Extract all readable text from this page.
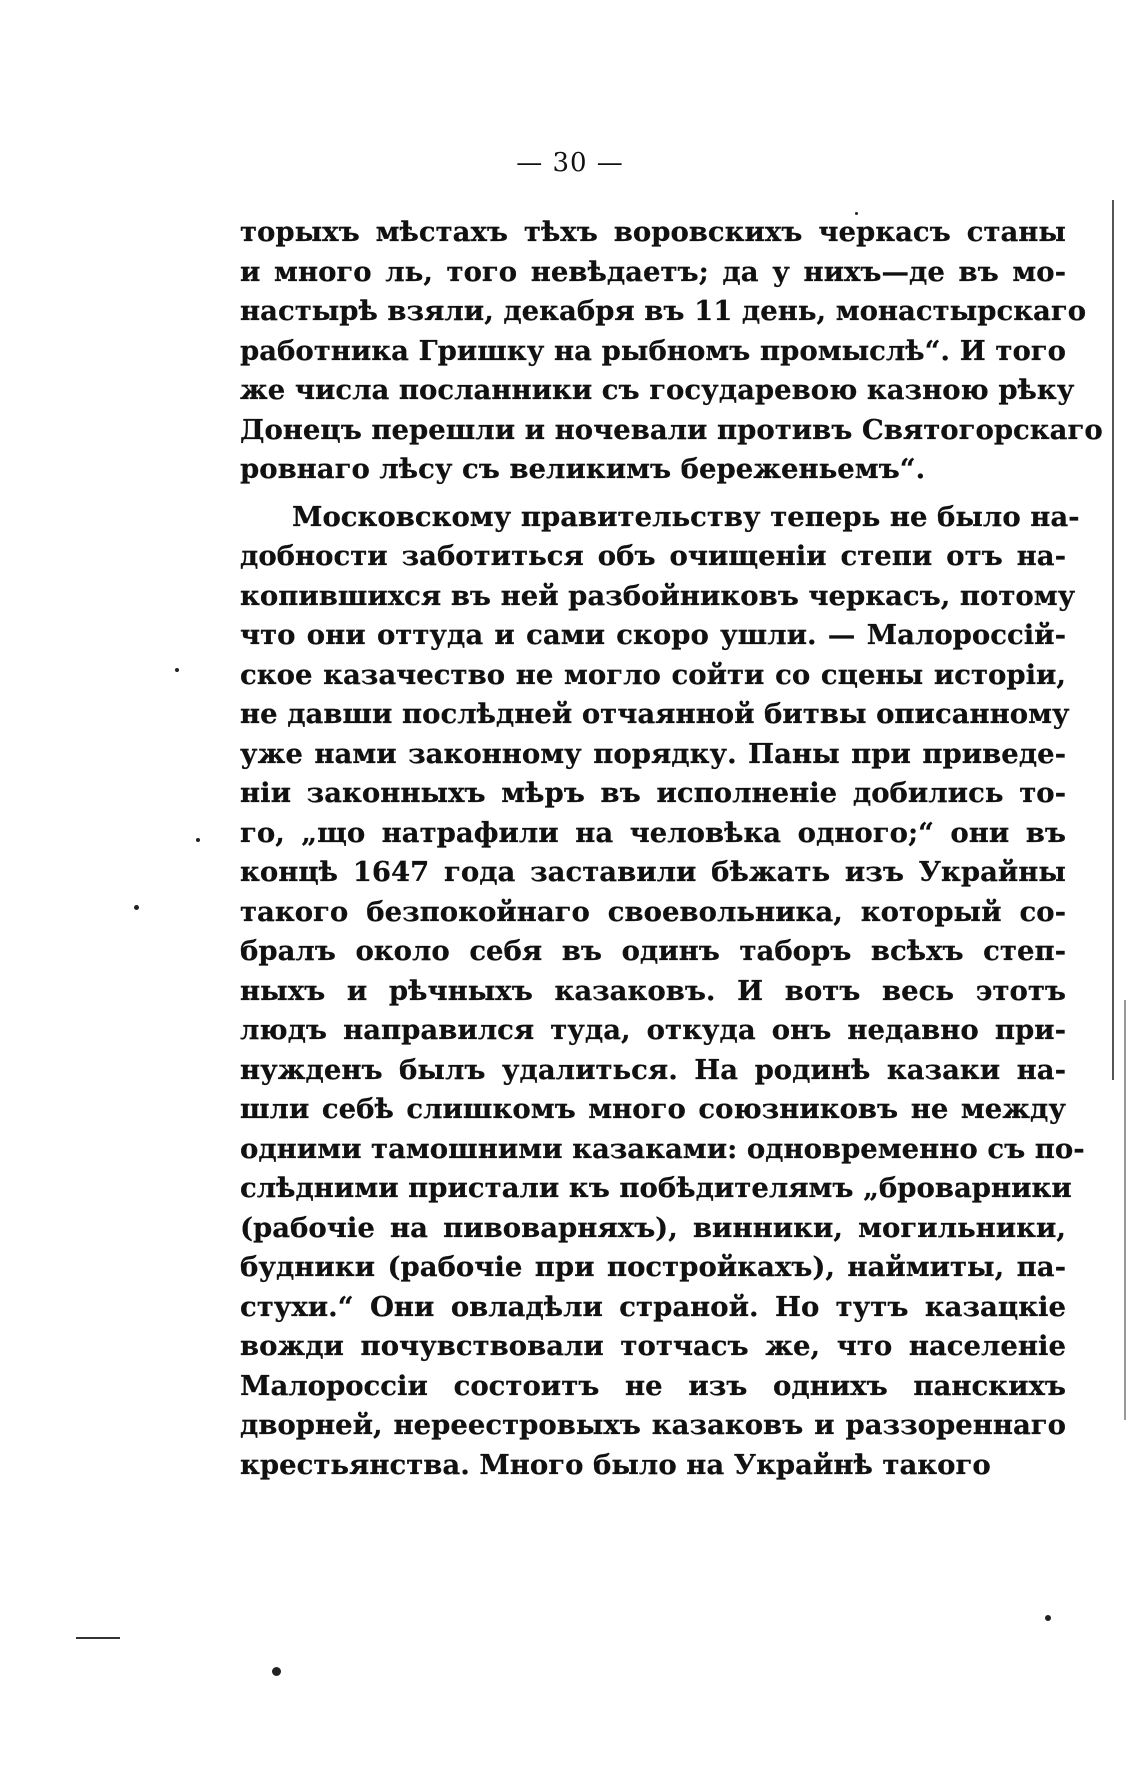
— 30 —
торыхъ мѣстахъ тѣхъ воровскихъ черкасъ станы
и много ль, того невѣдаетъ; да у нихъ—де въ мо-
настырѣ взяли, декабря въ 11 день, монастырскаго
работника Гришку на рыбномъ промыслѣ“. И того
же числа посланники съ государевою казною рѣку
Донецъ перешли и ночевали противъ Святогорскаго
ровнаго лѣсу съ великимъ береженьемъ“.
Московскому правительству теперь не было на-
добности заботиться объ очищеніи степи отъ на-
копившихся въ ней разбойниковъ черкасъ, потому
что они оттуда и сами скоро ушли. — Малороссій-
ское казачество не могло сойти со сцены исторіи,
не давши послѣдней отчаянной битвы описанному
уже нами законному порядку. Паны при приведе-
ніи законныхъ мѣръ въ исполненіе добились то-
го, „що натрафили на человѣка одного;“ они въ
концѣ 1647 года заставили бѣжать изъ Украйны
такого безпокойнаго своевольника, который со-
бралъ около себя въ одинъ таборъ всѣхъ степ-
ныхъ и рѣчныхъ казаковъ. И вотъ весь этотъ
людъ направился туда, откуда онъ недавно при-
нужденъ былъ удалиться. На родинѣ казаки на-
шли себѣ слишкомъ много союзниковъ не между
одними тамошними казаками: одновременно съ по-
слѣдними пристали къ побѣдителямъ „броварники
(рабочіе на пивоварняхъ), винники, могильники,
будники (рабочіе при постройкахъ), наймиты, па-
стухи.“ Они овладѣли страной. Но тутъ казацкіе
вожди почувствовали тотчасъ же, что населеніе
Малороссіи состоитъ не изъ однихъ панскихъ
дворней, нереестровыхъ казаковъ и раззореннаго
крестьянства. Много было на Украйнѣ такого
